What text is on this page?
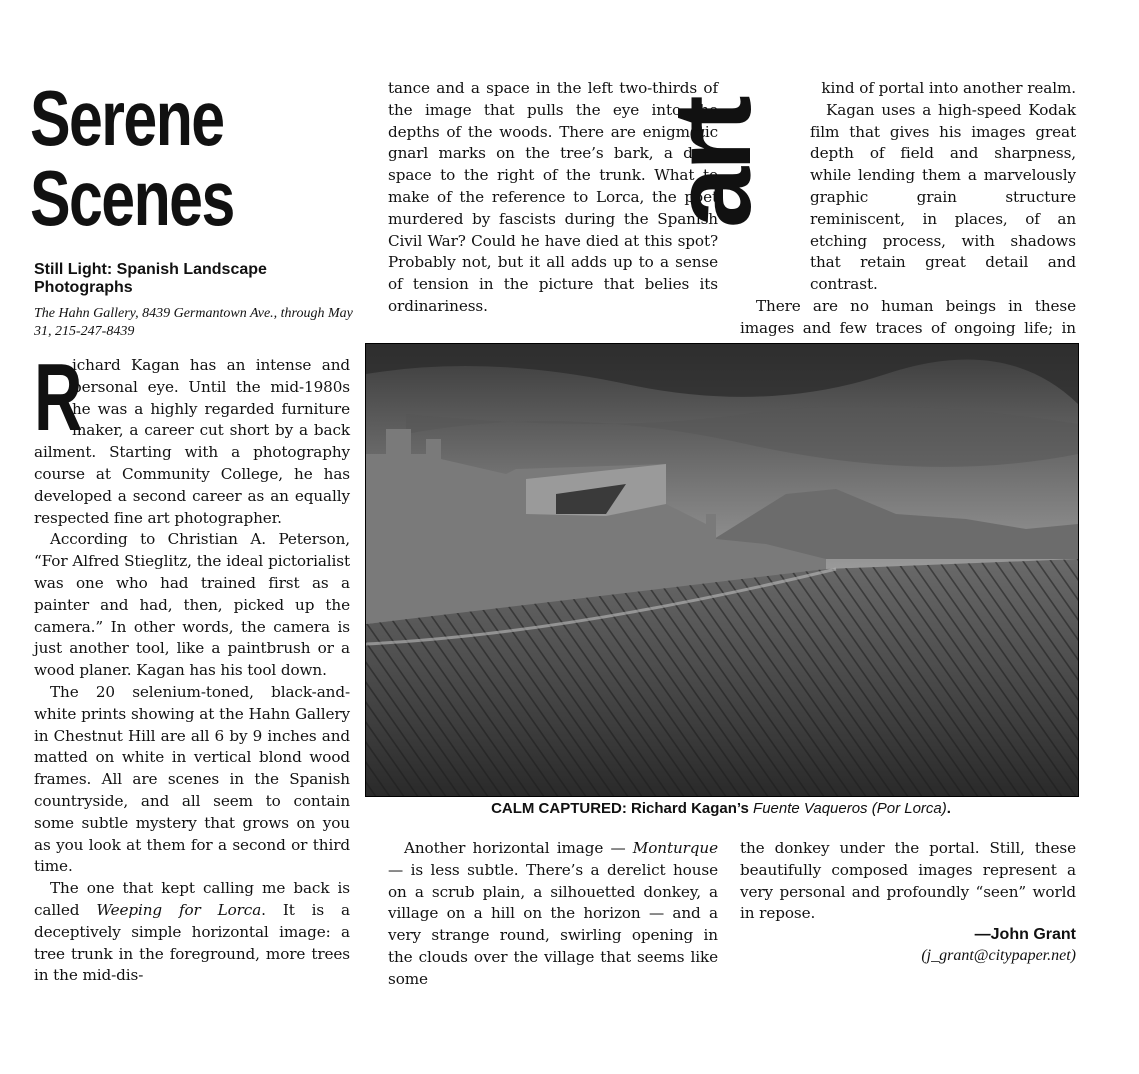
Serene
Scenes
Still Light: Spanish Landscape Photographs
The Hahn Gallery, 8439 Germantown Ave., through May 31, 215-247-8439

R
ichard Kagan has an intense and personal eye. Until the mid-1980s he was a highly regarded furniture maker, a career cut short by a back ailment. Starting with a photography course at Community College, he has developed a second career as an equally respected fine art photographer.

According to Christian A. Peterson, “For Alfred Stieglitz, the ideal pictorialist was one who had trained first as a painter and had, then, picked up the camera.” In other words, the camera is just another tool, like a paintbrush or a wood planer. Kagan has his tool down.

The 20 selenium-toned, black-and-white prints showing at the Hahn Gallery in Chestnut Hill are all 6 by 9 inches and matted on white in vertical blond wood frames. All are scenes in the Spanish countryside, and all seem to contain some subtle mystery that grows on you as you look at them for a second or third time.

The one that kept calling me back is called Weeping for Lorca. It is a deceptively simple horizontal image: a tree trunk in the foreground, more trees in the mid-dis-

tance and a space in the left two-thirds of the image that pulls the eye into the depths of the woods. There are enigmatic gnarl marks on the tree’s bark, a dark space to the right of the trunk. What to make of the reference to Lorca, the poet murdered by fascists during the Spanish Civil War? Could he have died at this spot? Probably not, but it all adds up to a sense of tension in the picture that belies its ordinariness.

art

kind of portal into another realm.

Kagan uses a high-speed Kodak film that gives his images great depth of field and sharpness, while lending them a marvelously graphic grain structure reminiscent, in places, of an etching process, with shadows that retain great detail and contrast.

There are no human beings in these images and few traces of ongoing life; in

CALM CAPTURED: Richard Kagan’s Fuente Vaqueros (Por Lorca).

Another horizontal image — Monturque — is less subtle. There’s a derelict house on a scrub plain, a silhouetted donkey, a village on a hill on the horizon — and a very strange round, swirling opening in the clouds over the village that seems like some

the donkey under the portal. Still, these beautifully composed images represent a very personal and profoundly “seen” world in repose.

—John Grant
(j_grant@citypaper.net)
